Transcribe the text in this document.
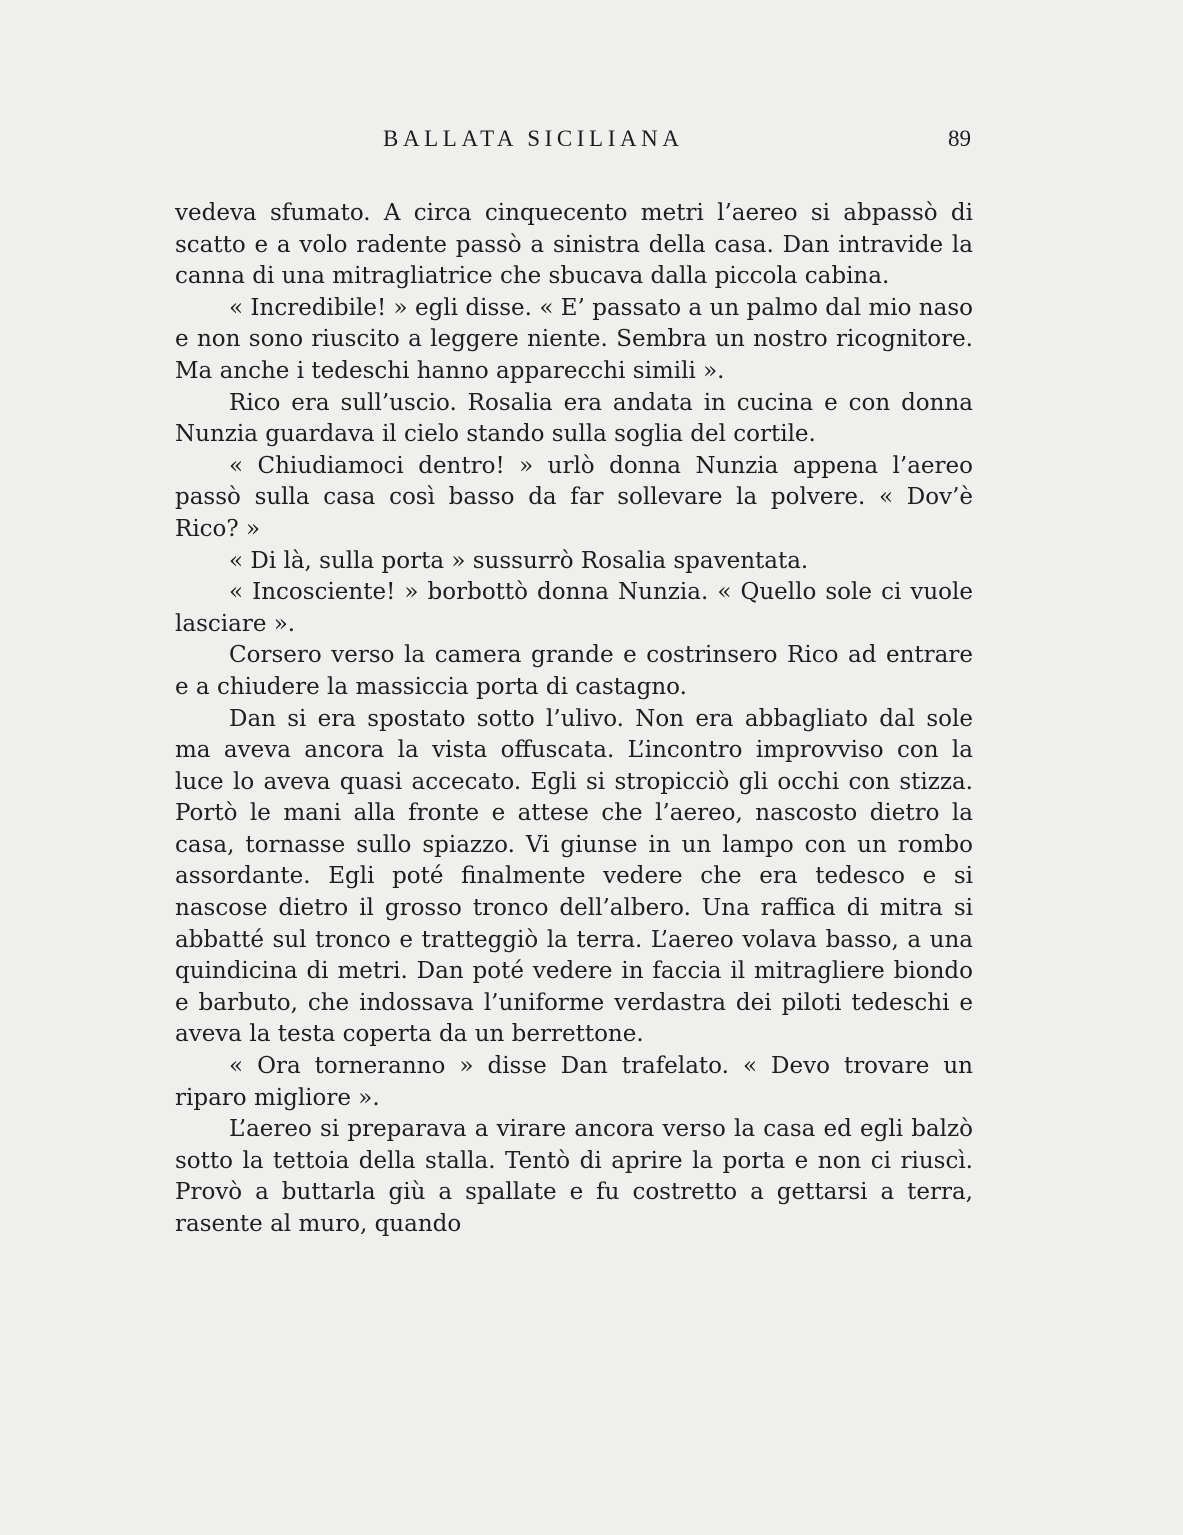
BALLATA SICILIANA	89

vedeva sfumato. A circa cinquecento metri l’aereo si abpassò di scatto e a volo radente passò a sinistra della casa. Dan intravide la canna di una mitragliatrice che sbucava dalla piccola cabina.

« Incredibile! » egli disse. « E’ passato a un palmo dal mio naso e non sono riuscito a leggere niente. Sembra un nostro ricognitore. Ma anche i tedeschi hanno apparecchi simili ».

Rico era sull’uscio. Rosalia era andata in cucina e con donna Nunzia guardava il cielo stando sulla soglia del cortile.

« Chiudiamoci dentro! » urlò donna Nunzia appena l’aereo passò sulla casa così basso da far sollevare la polvere. « Dov’è Rico? »

« Di là, sulla porta » sussurrò Rosalia spaventata.

« Incosciente! » borbottò donna Nunzia. « Quello sole ci vuole lasciare ».

Corsero verso la camera grande e costrinsero Rico ad entrare e a chiudere la massiccia porta di castagno.

Dan si era spostato sotto l’ulivo. Non era abbagliato dal sole ma aveva ancora la vista offuscata. L’incontro improvviso con la luce lo aveva quasi accecato. Egli si stropicciò gli occhi con stizza. Portò le mani alla fronte e attese che l’aereo, nascosto dietro la casa, tornasse sullo spiazzo. Vi giunse in un lampo con un rombo assordante. Egli poté finalmente vedere che era tedesco e si nascose dietro il grosso tronco dell’albero. Una raffica di mitra si abbatté sul tronco e tratteggiò la terra. L’aereo volava basso, a una quindicina di metri. Dan poté vedere in faccia il mitragliere biondo e barbuto, che indossava l’uniforme verdastra dei piloti tedeschi e aveva la testa coperta da un berrettone.

« Ora torneranno » disse Dan trafelato. « Devo trovare un riparo migliore ».

L’aereo si preparava a virare ancora verso la casa ed egli balzò sotto la tettoia della stalla. Tentò di aprire la porta e non ci riuscì. Provò a buttarla giù a spallate e fu costretto a gettarsi a terra, rasente al muro, quando
